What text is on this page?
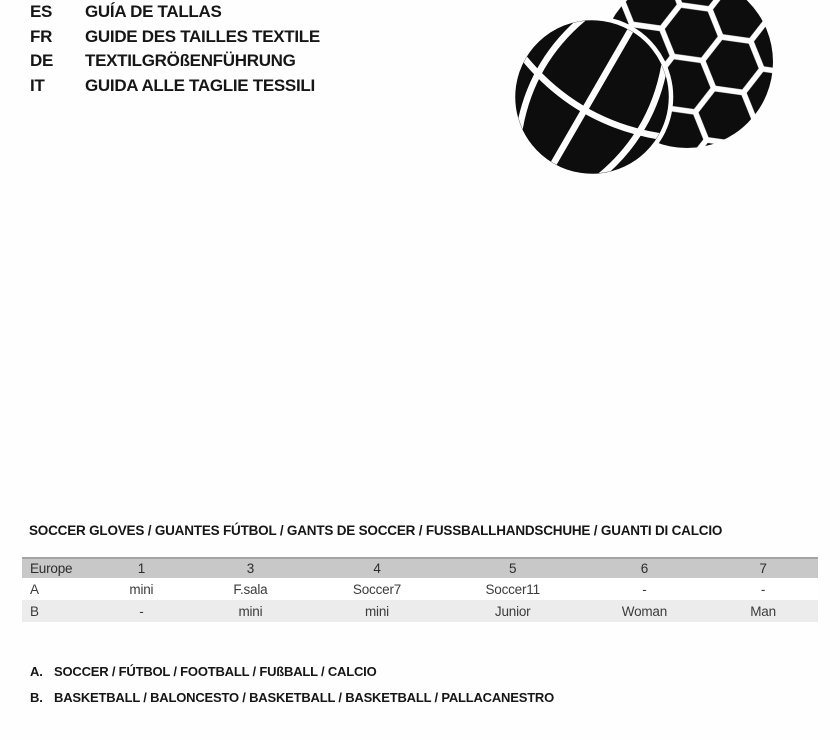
ES	GUÍA DE TALLAS
FR	GUIDE DES TAILLES TEXTILE
DE	TEXTILGRÖßENFÜHRUNG
IT	GUIDA ALLE TAGLIE TESSILI
SOCCER GLOVES / GUANTES FÚTBOL / GANTS DE SOCCER / FUSSBALLHANDSCHUHE / GUANTI DI CALCIO
Europe	1	3	4	5	6	7
A	mini	F.sala	Soccer7	Soccer11	-	-
B	-	mini	mini	Junior	Woman	Man
A. SOCCER / FÚTBOL / FOOTBALL / FUßBALL / CALCIO
B. BASKETBALL / BALONCESTO / BASKETBALL / BASKETBALL / PALLACANESTRO
